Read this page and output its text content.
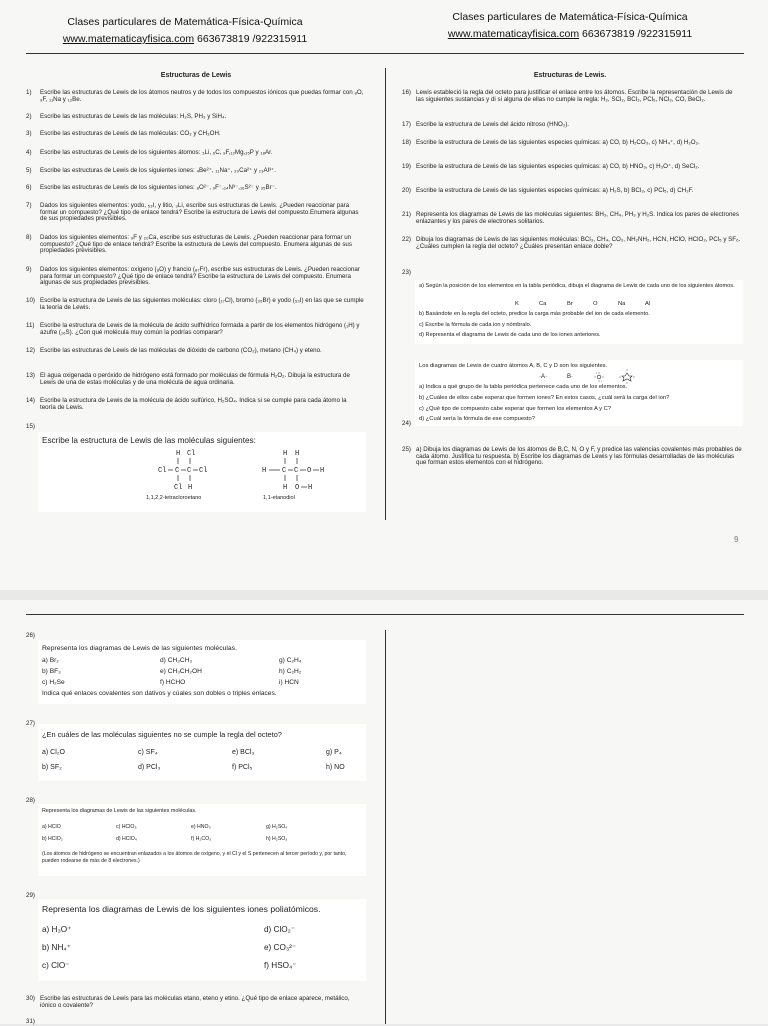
Clases particulares de Matemática-Física-Química
www.matematicayfisica.com 663673819 /922315911
Clases particulares de Matemática-Física-Química
www.matematicayfisica.com 663673819 /922315911
Estructuras de Lewis	Estructuras de Lewis.
1)	Escribe las estructuras de Lewis de los átomos neutros y de todos los compuestos iónicos que puedas formar con ₈O, ₉F, ₁₁Na y ₁₂Be.
2)	Escribe las estructuras de Lewis de las moléculas: H₂S, PH₃ y SiH₄.
3)	Escribe las estructuras de Lewis de las moléculas: CO₂ y CH₃OH.
4)	Escribe las estructuras de Lewis de los siguientes átomos: ₃Li, ₆C, ₉F,₁₂Mg,₁₅P y ₁₈Ar.
5)	Escribe las estructuras de Lewis de los siguientes iones: ₄Be²⁺, ₁₁Na⁺, ₂₀Ca²⁺ y ₁₃Al³⁺.
6)	Escribe las estructuras de Lewis de los siguientes iones: ₈O²⁻, ₉F⁻,₁₄N³⁻,₁₆S²⁻ y ₃₅Br⁻.
7)	Dados los siguientes elementos: yodo, ₅₃I, y litio, ₃Li, escribe sus estructuras de Lewis. ¿Pueden reaccionar para formar un compuesto? ¿Qué tipo de enlace tendrá? Escribe la estructura de Lewis del compuesto.Enumera algunas de sus propiedades previsibles.
8)	Dados los siguientes elementos: ₉F y ₂₀Ca, escribe sus estructuras de Lewis. ¿Pueden reaccionar para formar un compuesto? ¿Qué tipo de enlace tendrá? Escribe la estructura de Lewis del compuesto. Enumera algunas de sus propiedades previsibles.
9)	Dados los siguientes elementos: oxígeno (₈O) y francio (₈₇Fr), escribe sus estructuras de Lewis. ¿Pueden reaccionar para formar un compuesto? ¿Qué tipo de enlace tendrá? Escribe la estructura de Lewis del compuesto. Enumera algunas de sus propiedades previsibles.
10) Escribe la estructura de Lewis de las siguientes moléculas: cloro (₁₇Cl), bromo (₃₅Br) e yodo (₅₃I) en las que se cumple la teoría de Lewis.
11) Escribe la estructura de Lewis de la molécula de ácido sulfhídrico formada a partir de los elementos hidrógeno (₁H) y azufre (₁₆S). ¿Con qué molécula muy común la podrías comparar?
12) Escribe las estructuras de Lewis de las moléculas de dióxido de carbono (CO₂), metano (CH₄) y eteno.
13) El agua oxigenada o peróxido de hidrógeno está formado por moléculas de fórmula H₂O₂. Dibuja la estructura de Lewis de una de estas moléculas y de una molécula de agua ordinaria.
14) Escribe la estructura de Lewis de la molécula de ácido sulfúrico, H₂SO₄. Indica si se cumple para cada átomo la teoría de Lewis.
15)
Escribe la estructura de Lewis de las moléculas siguientes:
H Cl
Cl C C Cl
Cl H
H H
H C C O H
H O H
1,1,2,2-tetracloroetano	1,1-etanodiol
16) Lewis estableció la regla del octeto para justificar el enlace entre los átomos. Escribe la representación de Lewis de las siguientes sustancias y di si alguna de ellas no cumple la regla: H₂, SCl₂, BCl₃, PCl₅, NCl₃, CO, BeCl₂.
17) Escribe la estructura de Lewis del ácido nitroso (HNO₂).
18) Escribe la estructura de Lewis de las siguientes especies químicas: a) CO, b) H₂CO₃, c) NH₄⁺, d) H₂O₂.
19) Escribe la estructura de Lewis de las siguientes especies químicas: a) CO, b) HNO₃, c) H₃O⁺, d) SeCl₂.
20) Escribe la estructura de Lewis de las siguientes especies químicas: a) H₂S, b) BCl₃, c) PCl₅, d) CH₃F.
21) Representa los diagramas de Lewis de las moléculas siguientes: BH₃, CH₄, PH₃ y H₂S. Indica los pares de electrones enlazantes y los pares de electrones solitarios.
22) Dibuja los diagramas de Lewis de las siguientes moléculas: BCl₃, CH₄, CO₂, NH₂NH₂, HCN, HClO, HClO₂, PCl₅ y SF₆. ¿Cuáles cumplen la regla del octeto? ¿Cuáles presentan enlace doble?
23)
a) Según la posición de los elementos en la tabla periódica, dibuja el diagrama de Lewis de cada uno de los siguientes átomos.
K	Ca	Br	O	Na	Al
b) Basándote en la regla del octeto, predice la carga más probable del ion de cada elemento.
c) Escribe la fórmula de cada ion y nómbralo.
d) Representa el diagrama de Lewis de cada uno de los iones anteriores.
Los diagramas de Lewis de cuatro átomos A, B, C y D son los siguientes.
·A·	B·
a) Indica a qué grupo de la tabla periódica pertenece cada uno de los elementos.
b) ¿Cuáles de ellos cabe esperar que formen iones? En estos casos, ¿cuál será la carga del ion?
c) ¿Qué tipo de compuesto cabe esperar que formen los elementos A y C?
d) ¿Cuál sería la fórmula de ese compuesto?
24)
25) a) Dibuja los diagramas de Lewis de los átomos de B,C, N, O y F, y predice las valencias covalentes más probables de cada átomo. Justifica tu respuesta. b) Escribe los diagramas de Lewis y las fórmulas desarrolladas de las moléculas que forman estos elementos con el hidrógeno.
9
26)
Representa los diagramas de Lewis de las siguientes moléculas.
a) Br₂	d) CH₃CH₃	g) C₂H₄
b) BF₃	e) CH₃CH₂OH	h) C₂H₂
c) H₂Se	f) HCHO	i) HCN
Indica qué enlaces covalentes son dativos y cúales son dobles o triples enlaces.
27)
¿En cuáles de las moléculas siguientes no se cumple la regla del octeto?
a) Cl₂O	c) SF₄	e) BCl₃	g) P₄
b) SF₂	d) PCl₃	f) PCl₅	h) NO
28)
Representa los diagramas de Lewis de las siguientes moléculas.
a) HClO	c) HClO₃	e) HNO₃	g) H₂SO₄
b) HClO₂	d) HClO₄	f) H₂CO₃	h) H₂SO₃
(Los átomos de hidrógeno se encuentran enlazados a los átomos de oxígeno, y el Cl y el S pertenecen al tercer período y, por tanto, pueden rodearse de más de 8 electrones.)
29)
Representa los diagramas de Lewis de los siguientes iones poliatómicos.
a) H₃O⁺	d) ClO₂⁻
b) NH₄⁺	e) CO₃²⁻
c) ClO⁻	f) HSO₄⁻
30) Escribe las estructuras de Lewis para las moléculas etano, eteno y etino. ¿Qué tipo de enlace aparece, metálico, iónico o covalente?
31)
